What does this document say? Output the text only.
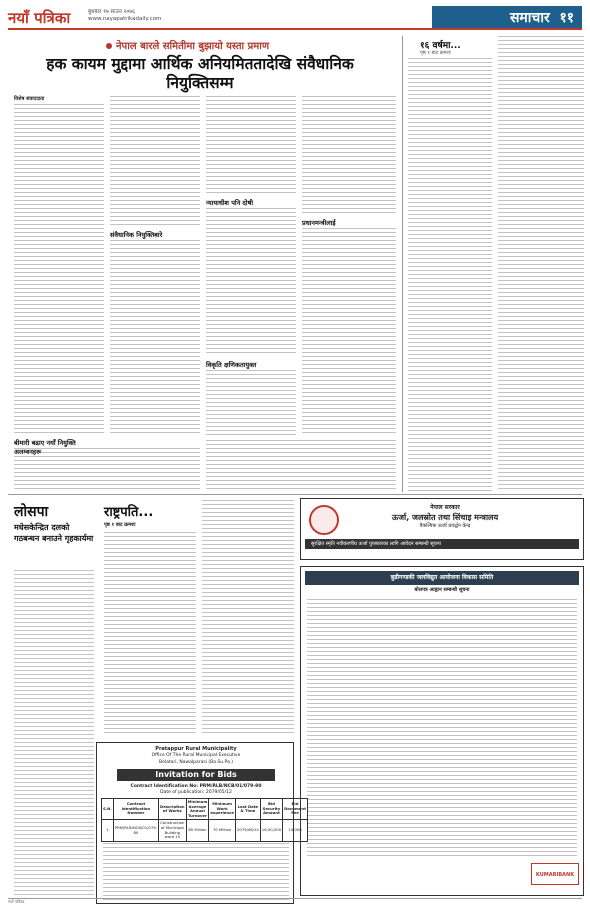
नयाँ पत्रिका	बुधबार १७ साउन २०७६
www.nayapatrikadaily.com	समाचार
११
नेपाल बारले समितीमा बुझायो यस्ता प्रमाण
हक कायम मुद्दामा आर्थिक अनियमिततादेखि संवैधानिक नियुक्तिसम्म
विशेष संवाददाता
संवैधानिक नियुक्तिबारे
न्यायाधीश पनि दोषी
विकृति क्षणिकतायुक्त
प्रधानमन्त्रीलाई
बीमारी बढाए नयाँ नियुक्ति अलम्बनहरू
१६ वर्षमा...
पृष्ठ १ बाट क्रमशः
लोसपा
मधेसकेन्द्रित दलको गठबन्धन बनाउने गृहकार्यमा
राष्ट्रपति...
पृष्ठ १ बाट क्रमशः
नेपाल सरकार
ऊर्जा, जलस्रोत तथा सिंचाइ मन्त्रालय
वैकल्पिक ऊर्जा प्रवर्द्धन केन्द्र
सुरक्षित स्मृति नवीकरणीय ऊर्जा पुरस्कारका लागि आवेदन सम्बन्धी सूचना
बुढीगण्डकी जलविद्युत आयोजना विकास समिति
बोलपत्र आह्वान सम्बन्धी सूचना
KUMARIBANK
Pratappur Rural Municipality
Office Of The Rural Municipal Executive
Belatari, Nawalparasi (Ba.Su.Pa.)
Invitation for Bids
Contract Identification No: PRM/RLB/NCB/01/079-80
Date of publication: 2079/05/12
S.N.	Contract Identification Number	Description of Works	Minimum Average Annual Turnover	Minimum Work experience	Last Date & Time	Bid Security Amount	Bid Document Fee
1	PRM/RLB/NCB/01/079-80	Construction of Municipal Building ward 10	85 Million	70 Million	2079/06/14	16,00,000	10,000
नयाँ पत्रिका
